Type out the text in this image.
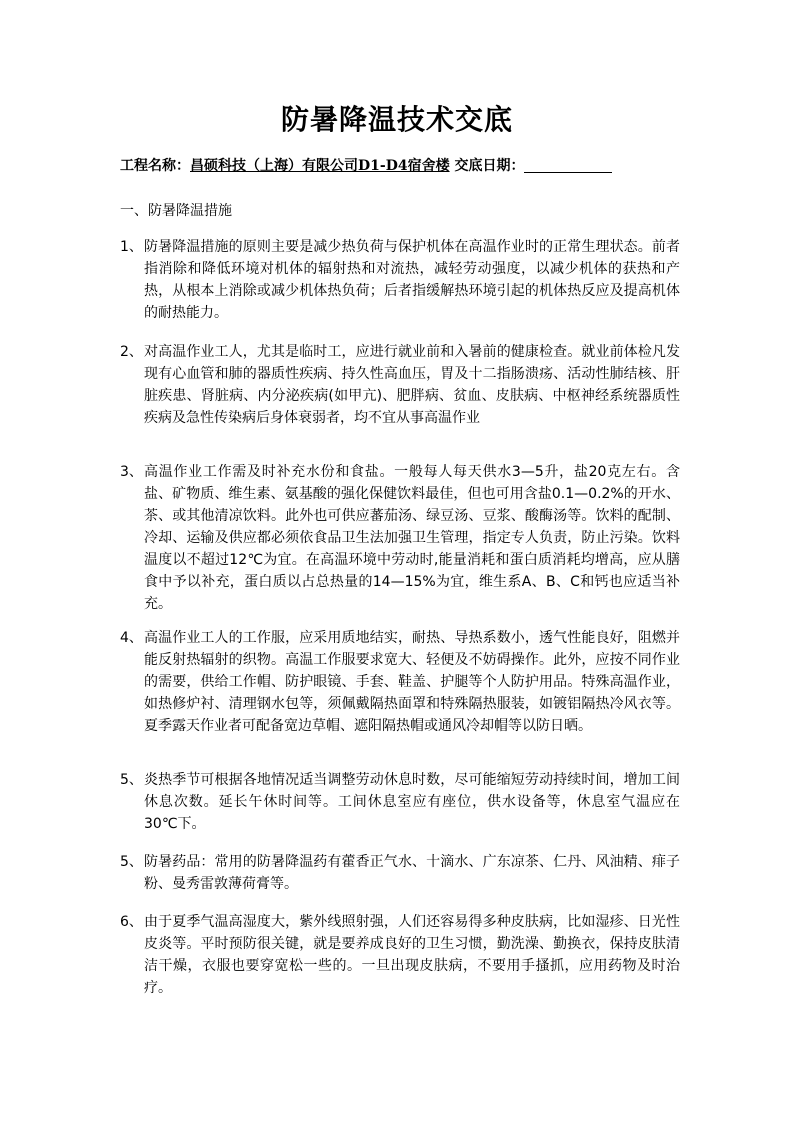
防暑降温技术交底
工程名称：昌硕科技（上海）有限公司D1-D4宿舍楼 交底日期：
一、防暑降温措施
1、 防暑降温措施的原则主要是减少热负荷与保护机体在高温作业时的正常生理状态。前者指消除和降低环境对机体的辐射热和对流热，减轻劳动强度，以减少机体的获热和产热，从根本上消除或减少机体热负荷；后者指缓解热环境引起的机体热反应及提高机体的耐热能力。
2、 对高温作业工人，尤其是临时工，应进行就业前和入暑前的健康检查。就业前体检凡发现有心血管和肺的器质性疾病、持久性高血压，胃及十二指肠溃疡、活动性肺结核、肝脏疾患、肾脏病、内分泌疾病(如甲亢)、肥胖病、贫血、皮肤病、中枢神经系统器质性疾病及急性传染病后身体衰弱者，均不宜从事高温作业
3、 高温作业工作需及时补充水份和食盐。一般每人每天供水3—5升，盐20克左右。含盐、矿物质、维生素、氨基酸的强化保健饮料最佳，但也可用含盐0.1—0.2%的开水、茶、或其他清凉饮料。此外也可供应蕃茄汤、绿豆汤、豆浆、酸酶汤等。饮料的配制、冷却、运输及供应都必须依食品卫生法加强卫生管理，指定专人负责，防止污染。饮料温度以不超过12℃为宜。在高温环境中劳动时,能量消耗和蛋白质消耗均增高，应从膳食中予以补充，蛋白质以占总热量的14—15%为宜，维生系A、B、C和钙也应适当补充。
4、 高温作业工人的工作服，应采用质地结实，耐热、导热系数小，透气性能良好，阻燃并能反射热辐射的织物。高温工作服要求宽大、轻便及不妨碍操作。此外，应按不同作业的需要，供给工作帽、防护眼镜、手套、鞋盖、护腿等个人防护用品。特殊高温作业，如热修炉衬、清理钢水包等，须佩戴隔热面罩和特殊隔热服装，如镀铝隔热冷风衣等。夏季露天作业者可配备宽边草帽、遮阳隔热帽或通风冷却帽等以防日晒。
5、 炎热季节可根据各地情况适当调整劳动休息时数，尽可能缩短劳动持续时间，增加工间休息次数。延长午休时间等。工间休息室应有座位，供水设备等，休息室气温应在30℃下。
5、 防暑药品：常用的防暑降温药有藿香正气水、十滴水、广东凉茶、仁丹、风油精、痱子粉、曼秀雷敦薄荷膏等。
6、 由于夏季气温高湿度大，紫外线照射强，人们还容易得多种皮肤病，比如湿疹、日光性皮炎等。平时预防很关键，就是要养成良好的卫生习惯，勤洗澡、勤换衣，保持皮肤清洁干燥，衣服也要穿宽松一些的。一旦出现皮肤病，不要用手搔抓，应用药物及时治疗。
